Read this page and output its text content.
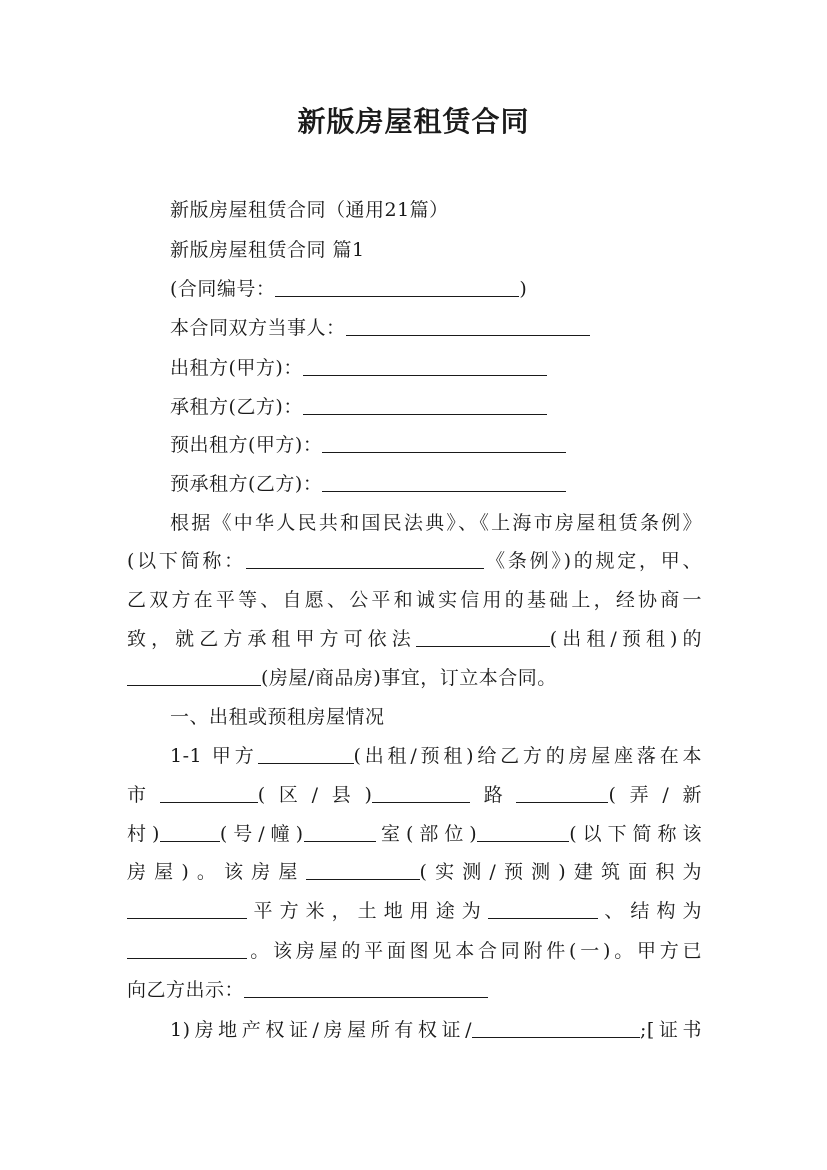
新版房屋租赁合同
新版房屋租赁合同（通用21篇）
新版房屋租赁合同 篇1
(合同编号：	)
本合同双方当事人：
出租方(甲方)：
承租方(乙方)：
预出租方(甲方)：
预承租方(乙方)：
根据《中华人民共和国民法典》、《上海市房屋租赁条例》
(以下简称：	《条例》)的规定，甲、
乙双方在平等、自愿、公平和诚实信用的基础上，经协商一
致，就乙方承租甲方可依法	(出租/预租)的
(房屋/商品房)事宜，订立本合同。
一、出租或预租房屋情况
1-1 甲方	(出租/预租)给乙方的房屋座落在本
市	(区/县)	路	(弄/新
村)	(号/幢)	室(部位)	(以下简称该
房屋)。该房屋	(实测/预测)建筑面积为
平方米，土地用途为	、结构为
。该房屋的平面图见本合同附件(一)。甲方已
向乙方出示：
1)房地产权证/房屋所有权证/	;[证书
